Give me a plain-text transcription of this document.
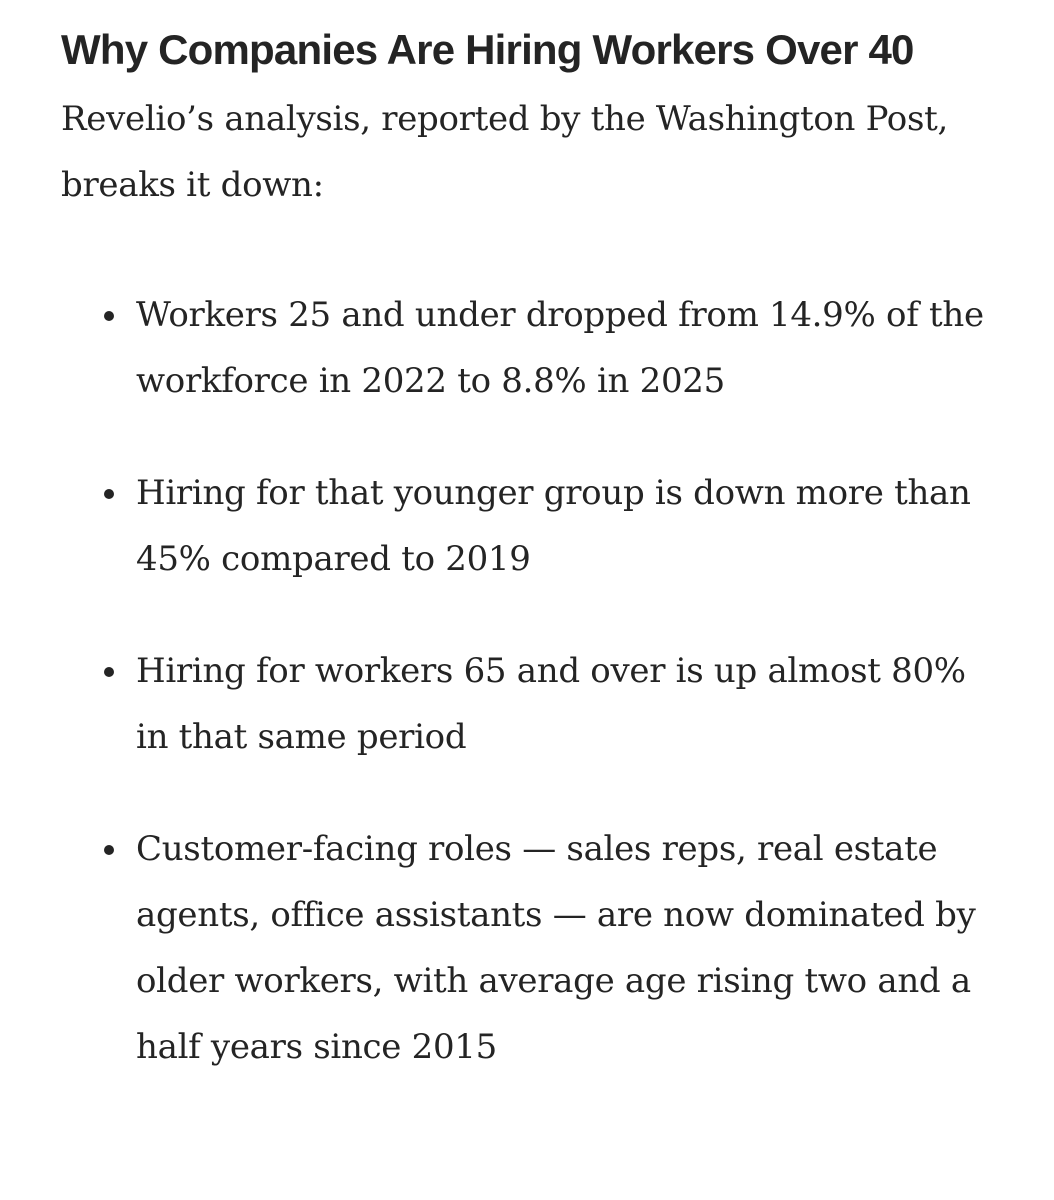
Why Companies Are Hiring Workers Over 40

Revelio’s analysis, reported by the Washington Post, breaks it down:

Workers 25 and under dropped from 14.9% of the workforce in 2022 to 8.8% in 2025
Hiring for that younger group is down more than 45% compared to 2019
Hiring for workers 65 and over is up almost 80% in that same period
Customer-facing roles — sales reps, real estate agents, office assistants — are now dominated by older workers, with average age rising two and a half years since 2015
